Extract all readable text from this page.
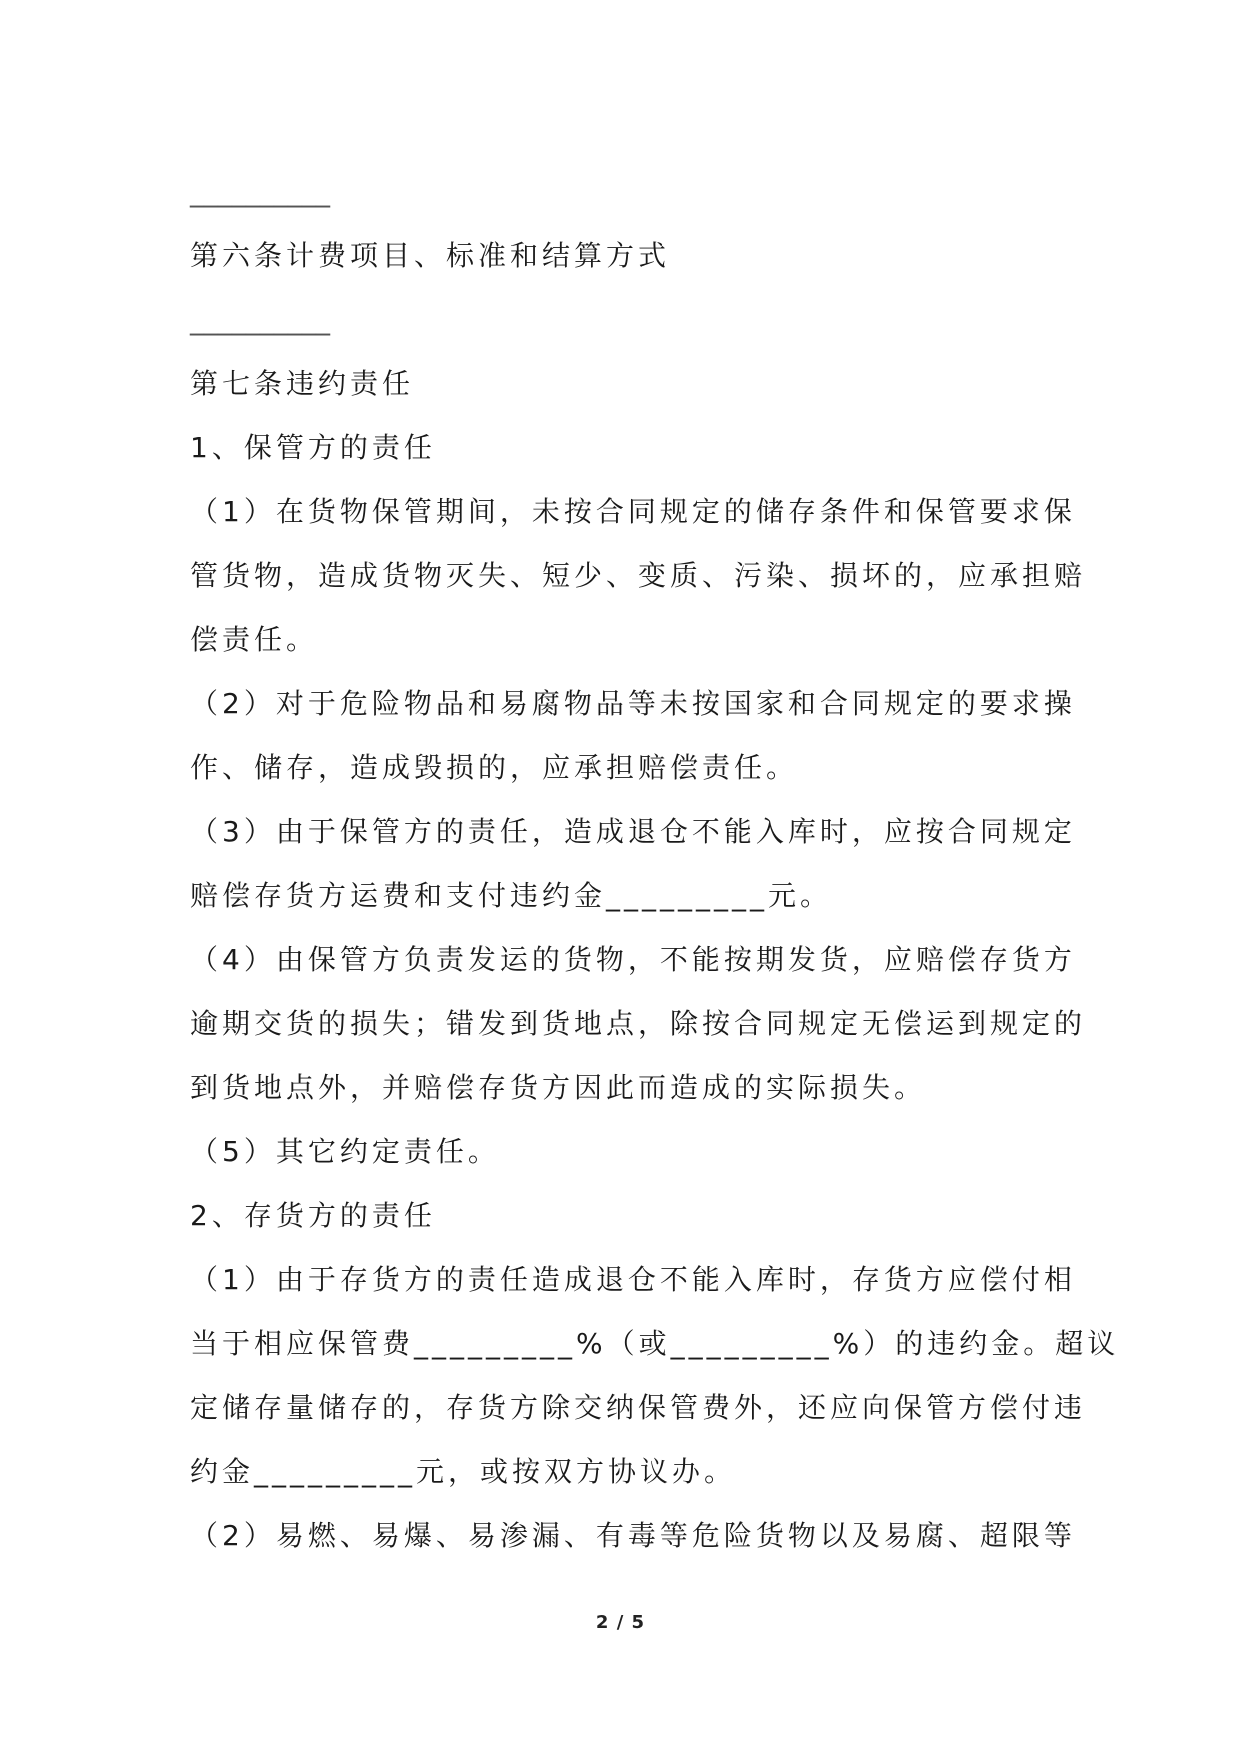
__________
第六条计费项目、标准和结算方式
__________
第七条违约责任
1、保管方的责任
（1）在货物保管期间，未按合同规定的储存条件和保管要求保
管货物，造成货物灭失、短少、变质、污染、损坏的，应承担赔
偿责任。
（2）对于危险物品和易腐物品等未按国家和合同规定的要求操
作、储存，造成毁损的，应承担赔偿责任。
（3）由于保管方的责任，造成退仓不能入库时，应按合同规定
赔偿存货方运费和支付违约金_________元。
（4）由保管方负责发运的货物，不能按期发货，应赔偿存货方
逾期交货的损失；错发到货地点，除按合同规定无偿运到规定的
到货地点外，并赔偿存货方因此而造成的实际损失。
（5）其它约定责任。
2、存货方的责任
（1）由于存货方的责任造成退仓不能入库时，存货方应偿付相
当于相应保管费_________%（或_________%）的违约金。超议
定储存量储存的，存货方除交纳保管费外，还应向保管方偿付违
约金_________元，或按双方协议办。
（2）易燃、易爆、易渗漏、有毒等危险货物以及易腐、超限等
2 / 5
